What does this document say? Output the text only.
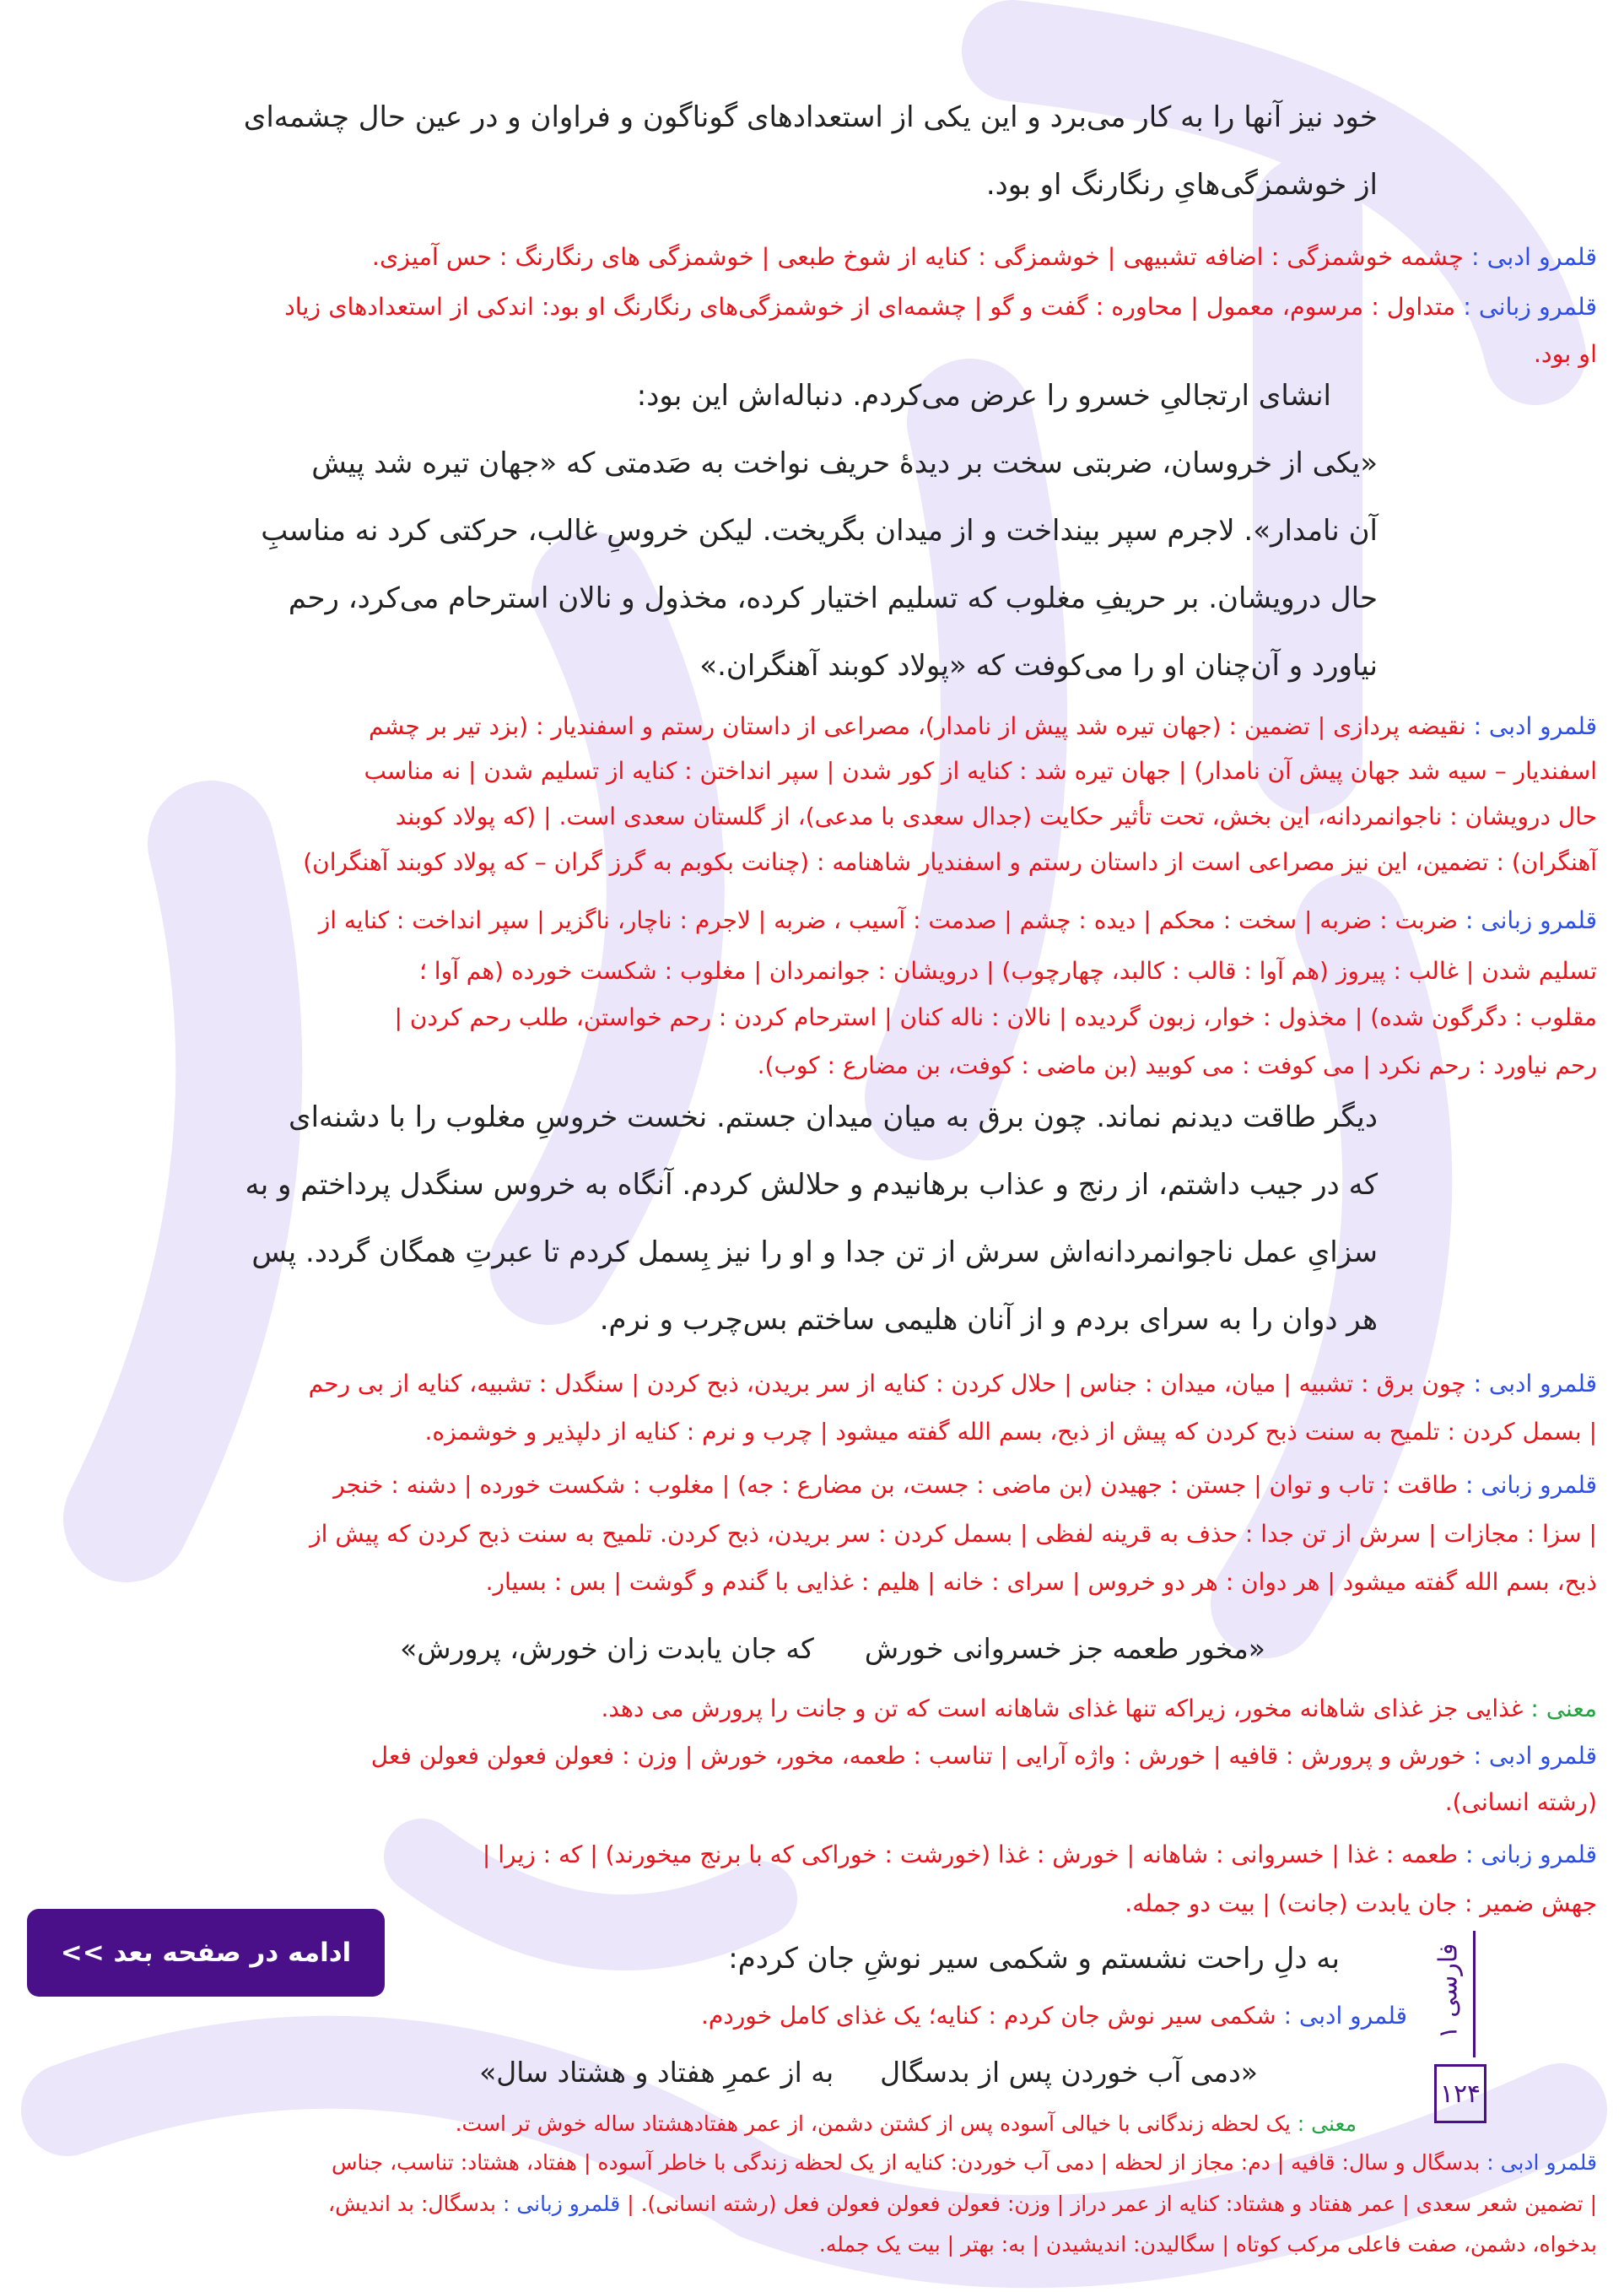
خود نیز آنها را به کار می‌برد و این یکی از استعدادهای گوناگون و فراوان و در عین حال چشمه‌ای

از خوشمزگی‌هایِ رنگارنگ او بود.

قلمرو ادبی : چشمه خوشمزگی : اضافه تشبیهی | خوشمزگی : کنایه از شوخ طبعی | خوشمزگی های رنگارنگ : حس آمیزی.

قلمرو زبانی : متداول : مرسوم، معمول | محاوره : گفت و گو | چشمه‌ای از خوشمزگی‌های رنگارنگ او بود: اندکی از استعدادهای زیاد

او بود.

انشای ارتجالیِ خسرو را عرض می‌کردم. دنباله‌اش این بود:

«یکی از خروسان، ضربتی سخت بر دیدهٔ حریف نواخت به صَدمتی که «جهان تیره شد پیش

آن نامدار». لاجرم سپر بینداخت و از میدان بگریخت. لیکن خروسِ غالب، حرکتی کرد نه مناسبِ

حال درویشان. بر حریفِ مغلوب که تسلیم اختیار کرده، مخذول و نالان استرحام می‌کرد، رحم

نیاورد و آن‌چنان او را می‌کوفت که «پولاد کوبند آهنگران.»

قلمرو ادبی : نقیضه پردازی | تضمین : (جهان تیره شد پیش از نامدار)، مصراعی از داستان رستم و اسفندیار : (بزد تیر بر چشم

اسفندیار – سیه شد جهان پیش آن نامدار) | جهان تیره شد : کنایه از کور شدن | سپر انداختن : کنایه از تسلیم شدن | نه مناسب

حال درویشان : ناجوانمردانه، این بخش، تحت تأثیر حکایت (جدال سعدی با مدعی)، از گلستان سعدی است. | (که پولاد کوبند

آهنگران) : تضمین، این نیز مصراعی است از داستان رستم و اسفندیار شاهنامه : (چنانت بکوبم به گرز گران – که پولاد کوبند آهنگران)

قلمرو زبانی : ضربت : ضربه | سخت : محکم | دیده : چشم | صدمت : آسیب ، ضربه | لاجرم : ناچار، ناگزیر | سپر انداخت : کنایه از

تسلیم شدن | غالب : پیروز (هم آوا : قالب : کالبد، چهارچوب) | درویشان : جوانمردان | مغلوب : شکست خورده (هم آوا ؛

مقلوب : دگرگون شده) | مخذول : خوار، زبون گردیده | نالان : ناله کنان | استرحام کردن : رحم خواستن، طلب رحم کردن |

رحم نیاورد : رحم نکرد | می کوفت : می کوبید (بن ماضی : کوفت، بن مضارع : کوب).

دیگر طاقت دیدنم نماند. چون برق به میان میدان جستم. نخست خروسِ مغلوب را با دشنه‌ای

که در جیب داشتم، از رنج و عذاب برهانیدم و حلالش کردم. آنگاه به خروس سنگدل پرداختم و به

سزایِ عمل ناجوانمردانه‌اش سرش از تن جدا و او را نیز بِسمل کردم تا عبرتِ همگان گردد. پس

هر دوان را به سرای بردم و از آنان هلیمی ساختم بس‌چرب و نرم.

قلمرو ادبی : چون برق : تشبیه | میان، میدان : جناس | حلال کردن : کنایه از سر بریدن، ذبح کردن | سنگدل : تشبیه، کنایه از بی رحم

| بسمل کردن : تلمیح به سنت ذبح کردن که پیش از ذبح، بسم الله گفته میشود | چرب و نرم : کنایه از دلپذیر و خوشمزه.

قلمرو زبانی : طاقت : تاب و توان | جستن : جهیدن (بن ماضی : جست، بن مضارع : جه) | مغلوب : شکست خورده | دشنه : خنجر

| سزا : مجازات | سرش از تن جدا : حذف به قرینه لفظی | بسمل کردن : سر بریدن، ذبح کردن. تلمیح به سنت ذبح کردن که پیش از

ذبح، بسم الله گفته میشود | هر دوان : هر دو خروس | سرای : خانه | هلیم : غذایی با گندم و گوشت | بس : بسیار.

«مخور طعمه جز خسروانی خورشکه جان یابدت زان خورش، پرورش»

معنی : غذایی جز غذای شاهانه مخور، زیراکه تنها غذای شاهانه است که تن و جانت را پرورش می دهد.

قلمرو ادبی : خورش و پرورش : قافیه | خورش : واژه آرایی | تناسب : طعمه، مخور، خورش | وزن : فعولن فعولن فعولن فعل

(رشته انسانی).

قلمرو زبانی : طعمه : غذا | خسروانی : شاهانه | خورش : غذا (خورشت : خوراکی که با برنج میخورند) | که : زیرا |

جهش ضمیر : جان یابدت (جانت) | بیت دو جمله.

ادامه در صفحه بعد >>
فارسی ۱
۱۲۴

به دلِ راحت نشستم و شکمی سیر نوشِ جان کردم:

قلمرو ادبی : شکمی سیر نوش جان کردم : کنایه؛ یک غذای کامل خوردم.

«دمی آب خوردن پس از بدسگالبه از عمرِ هفتاد و هشتاد سال»

معنی : یک لحظه زندگانی با خیالی آسوده پس از کشتن دشمن، از عمر هفتادهشتاد ساله خوش تر است.

قلمرو ادبی : بدسگال و سال: قافیه | دم: مجاز از لحظه | دمی آب خوردن: کنایه از یک لحظه زندگی با خاطر آسوده | هفتاد، هشتاد: تناسب، جناس

| تضمین شعر سعدی | عمر هفتاد و هشتاد: کنایه از عمر دراز | وزن: فعولن فعولن فعولن فعل (رشته انسانی). | قلمرو زبانی : بدسگال: بد اندیش،

بدخواه، دشمن، صفت فاعلی مرکب کوتاه | سگالیدن: اندیشیدن | به: بهتر | بیت یک جمله.
